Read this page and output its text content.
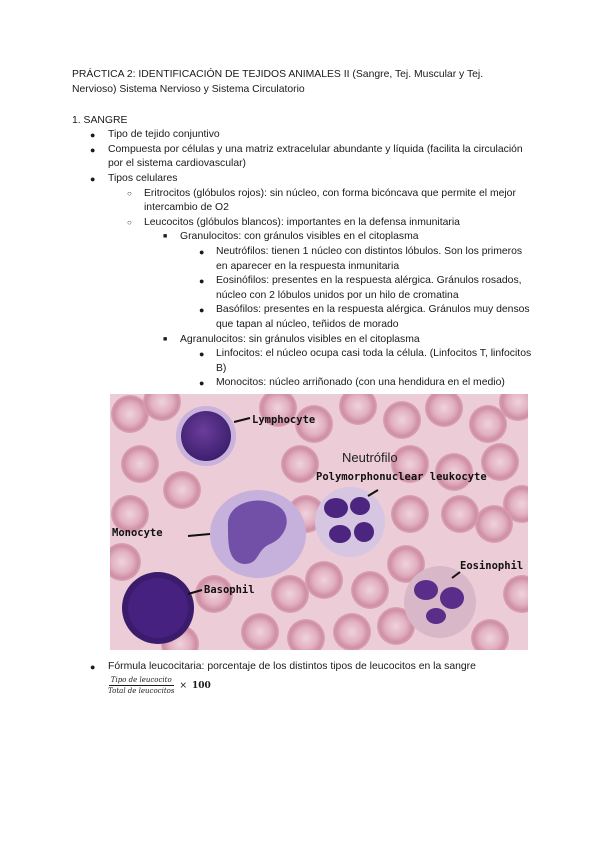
PRÁCTICA 2: IDENTIFICACIÓN DE TEJIDOS ANIMALES II (Sangre, Tej. Muscular y Tej.
Nervioso) Sistema Nervioso y Sistema Circulatorio

1. SANGRE
● Tipo de tejido conjuntivo
● Compuesta por células y una matriz extracelular abundante y líquida (facilita la circulación por el sistema cardiovascular)
● Tipos celulares
○ Eritrocitos (glóbulos rojos): sin núcleo, con forma bicóncava que permite el mejor intercambio de O2
○ Leucocitos (glóbulos blancos): importantes en la defensa inmunitaria
■ Granulocitos: con gránulos visibles en el citoplasma
● Neutrófilos: tienen 1 núcleo con distintos lóbulos. Son los primeros en aparecer en la respuesta inmunitaria
● Eosinófilos: presentes en la respuesta alérgica. Gránulos rosados, núcleo con 2 lóbulos unidos por un hilo de cromatina
● Basófilos: presentes en la respuesta alérgica. Gránulos muy densos que tapan al núcleo, teñidos de morado
■ Agranulocitos: sin gránulos visibles en el citoplasma
● Linfocitos: el núcleo ocupa casi toda la célula. (Linfocitos T, linfocitos B)
● Monocitos: núcleo arriñonado (con una hendidura en el medio)
Lymphocyte
Neutrófilo
Polymorphonuclear leukocyte
Monocyte
Basophil
Eosinophil
● Fórmula leucocitaria: porcentaje de los distintos tipos de leucocitos en la sangre
$\frac{\text{Tipo de leucocito}}{\text{Total de leucocitos}} \times 100$
